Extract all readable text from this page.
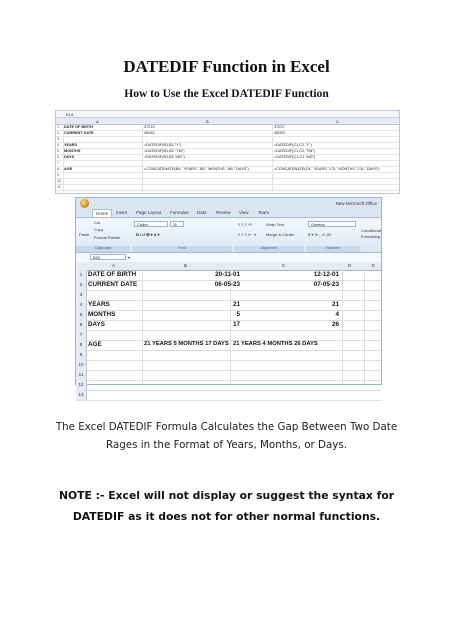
DATEDIF Function in Excel
How to Use the Excel DATEDIF Function
K14
A	B	C
1 DATE OF BIRTH	37215	37237
2 CURRENT DATE	45052	45053
3
4 YEARS	=DATEDIF(B1,B2,"Y")	=DATEDIF(C1,C2,"Y")
5 MONTHS	=DATEDIF(B1,B2,"YM")	=DATEDIF(C1,C2,"YM")
6 DAYS	=DATEDIF(B1,B2,"MD")	=DATEDIF(C1,C2,"MD")
7
8 AGE	=CONCATENATE(B4," YEARS ",B5," MONTHS ",B6," DAYS")	=CONCATENATE(C4," YEARS ",C5," MONTHS ",C6," DAYS")
9
10
11
New Microsoft Office
Home	Insert Page Layout Formulas Data Review View Team
Paste
Cut
Copy
Format Painter
Calibri	11
B I U ⊞ ▾ A ▾
≡ ≡ ≡ ⟲
≡ ≡ ≡ ⇤ ⇥
Wrap Text
Merge & Center
General
$ ▾ % , .0 .00
Conditional
Formatting
Clipboard	Font	Alignment	Number
B26	▾
A	B	C	D	E
1 DATE OF BIRTH	20-11-01	12-12-01
2 CURRENT DATE	06-05-23	07-05-23
3
4 YEARS	21	21
5 MONTHS	5	4
6 DAYS	17	26
7
8 AGE	21 YEARS 5 MONTHS 17 DAYS 21 YEARS 4 MONTHS 26 DAYS
9
10
11
12
13
The Excel DATEDIF Formula Calculates the Gap Between Two Date Rages in the Format of Years, Months, or Days.
NOTE :- Excel will not display or suggest the syntax for DATEDIF as it does not for other normal functions.
